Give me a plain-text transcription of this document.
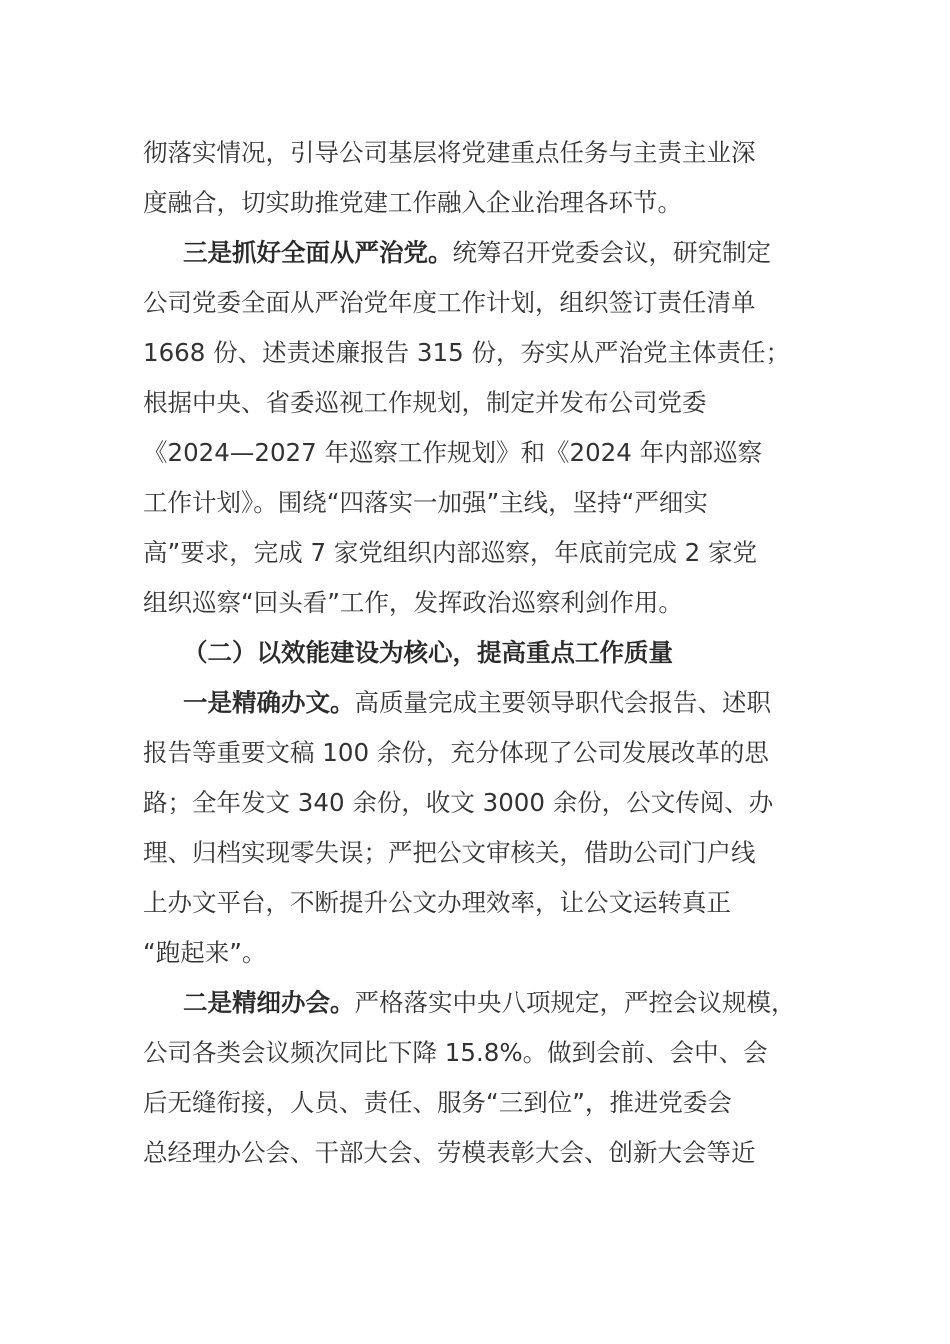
彻落实情况，引导公司基层将党建重点任务与主责主业深
度融合，切实助推党建工作融入企业治理各环节。
三是抓好全面从严治党。统筹召开党委会议，研究制定
公司党委全面从严治党年度工作计划，组织签订责任清单
1668 份、述责述廉报告 315 份，夯实从严治党主体责任；
根据中央、省委巡视工作规划，制定并发布公司党委
《2024—2027 年巡察工作规划》和《2024 年内部巡察
工作计划》。围绕“四落实一加强”主线，坚持“严细实
高”要求，完成 7 家党组织内部巡察，年底前完成 2 家党
组织巡察“回头看”工作，发挥政治巡察利剑作用。
（二）以效能建设为核心，提高重点工作质量
一是精确办文。高质量完成主要领导职代会报告、述职
报告等重要文稿 100 余份，充分体现了公司发展改革的思
路；全年发文 340 余份，收文 3000 余份，公文传阅、办
理、归档实现零失误；严把公文审核关，借助公司门户线
上办文平台，不断提升公文办理效率，让公文运转真正
“跑起来”。
二是精细办会。严格落实中央八项规定，严控会议规模，
公司各类会议频次同比下降 15.8%。做到会前、会中、会
后无缝衔接，人员、责任、服务“三到位”，推进党委会
总经理办公会、干部大会、劳模表彰大会、创新大会等近
